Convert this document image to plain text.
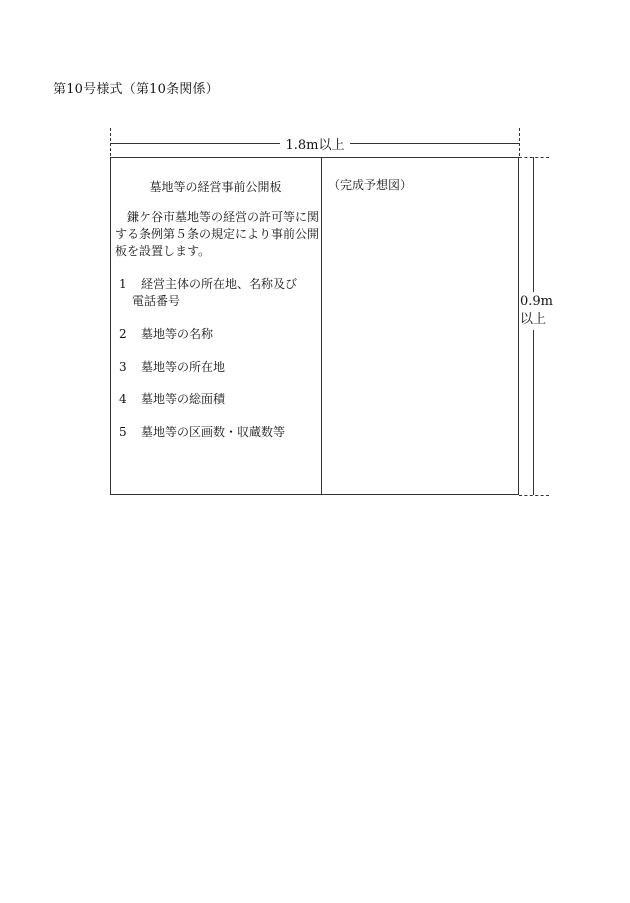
第10号様式（第10条関係）
1.8m以上
墓地等の経営事前公開板
　鎌ケ谷市墓地等の経営の許可等に関する条例第５条の規定により事前公開板を設置します。
1 経営主体の所在地、名称及び
電話番号
2 墓地等の名称
3 墓地等の所在地
4 墓地等の総面積
5 墓地等の区画数・収蔵数等
（完成予想図）
0.9m
以上
